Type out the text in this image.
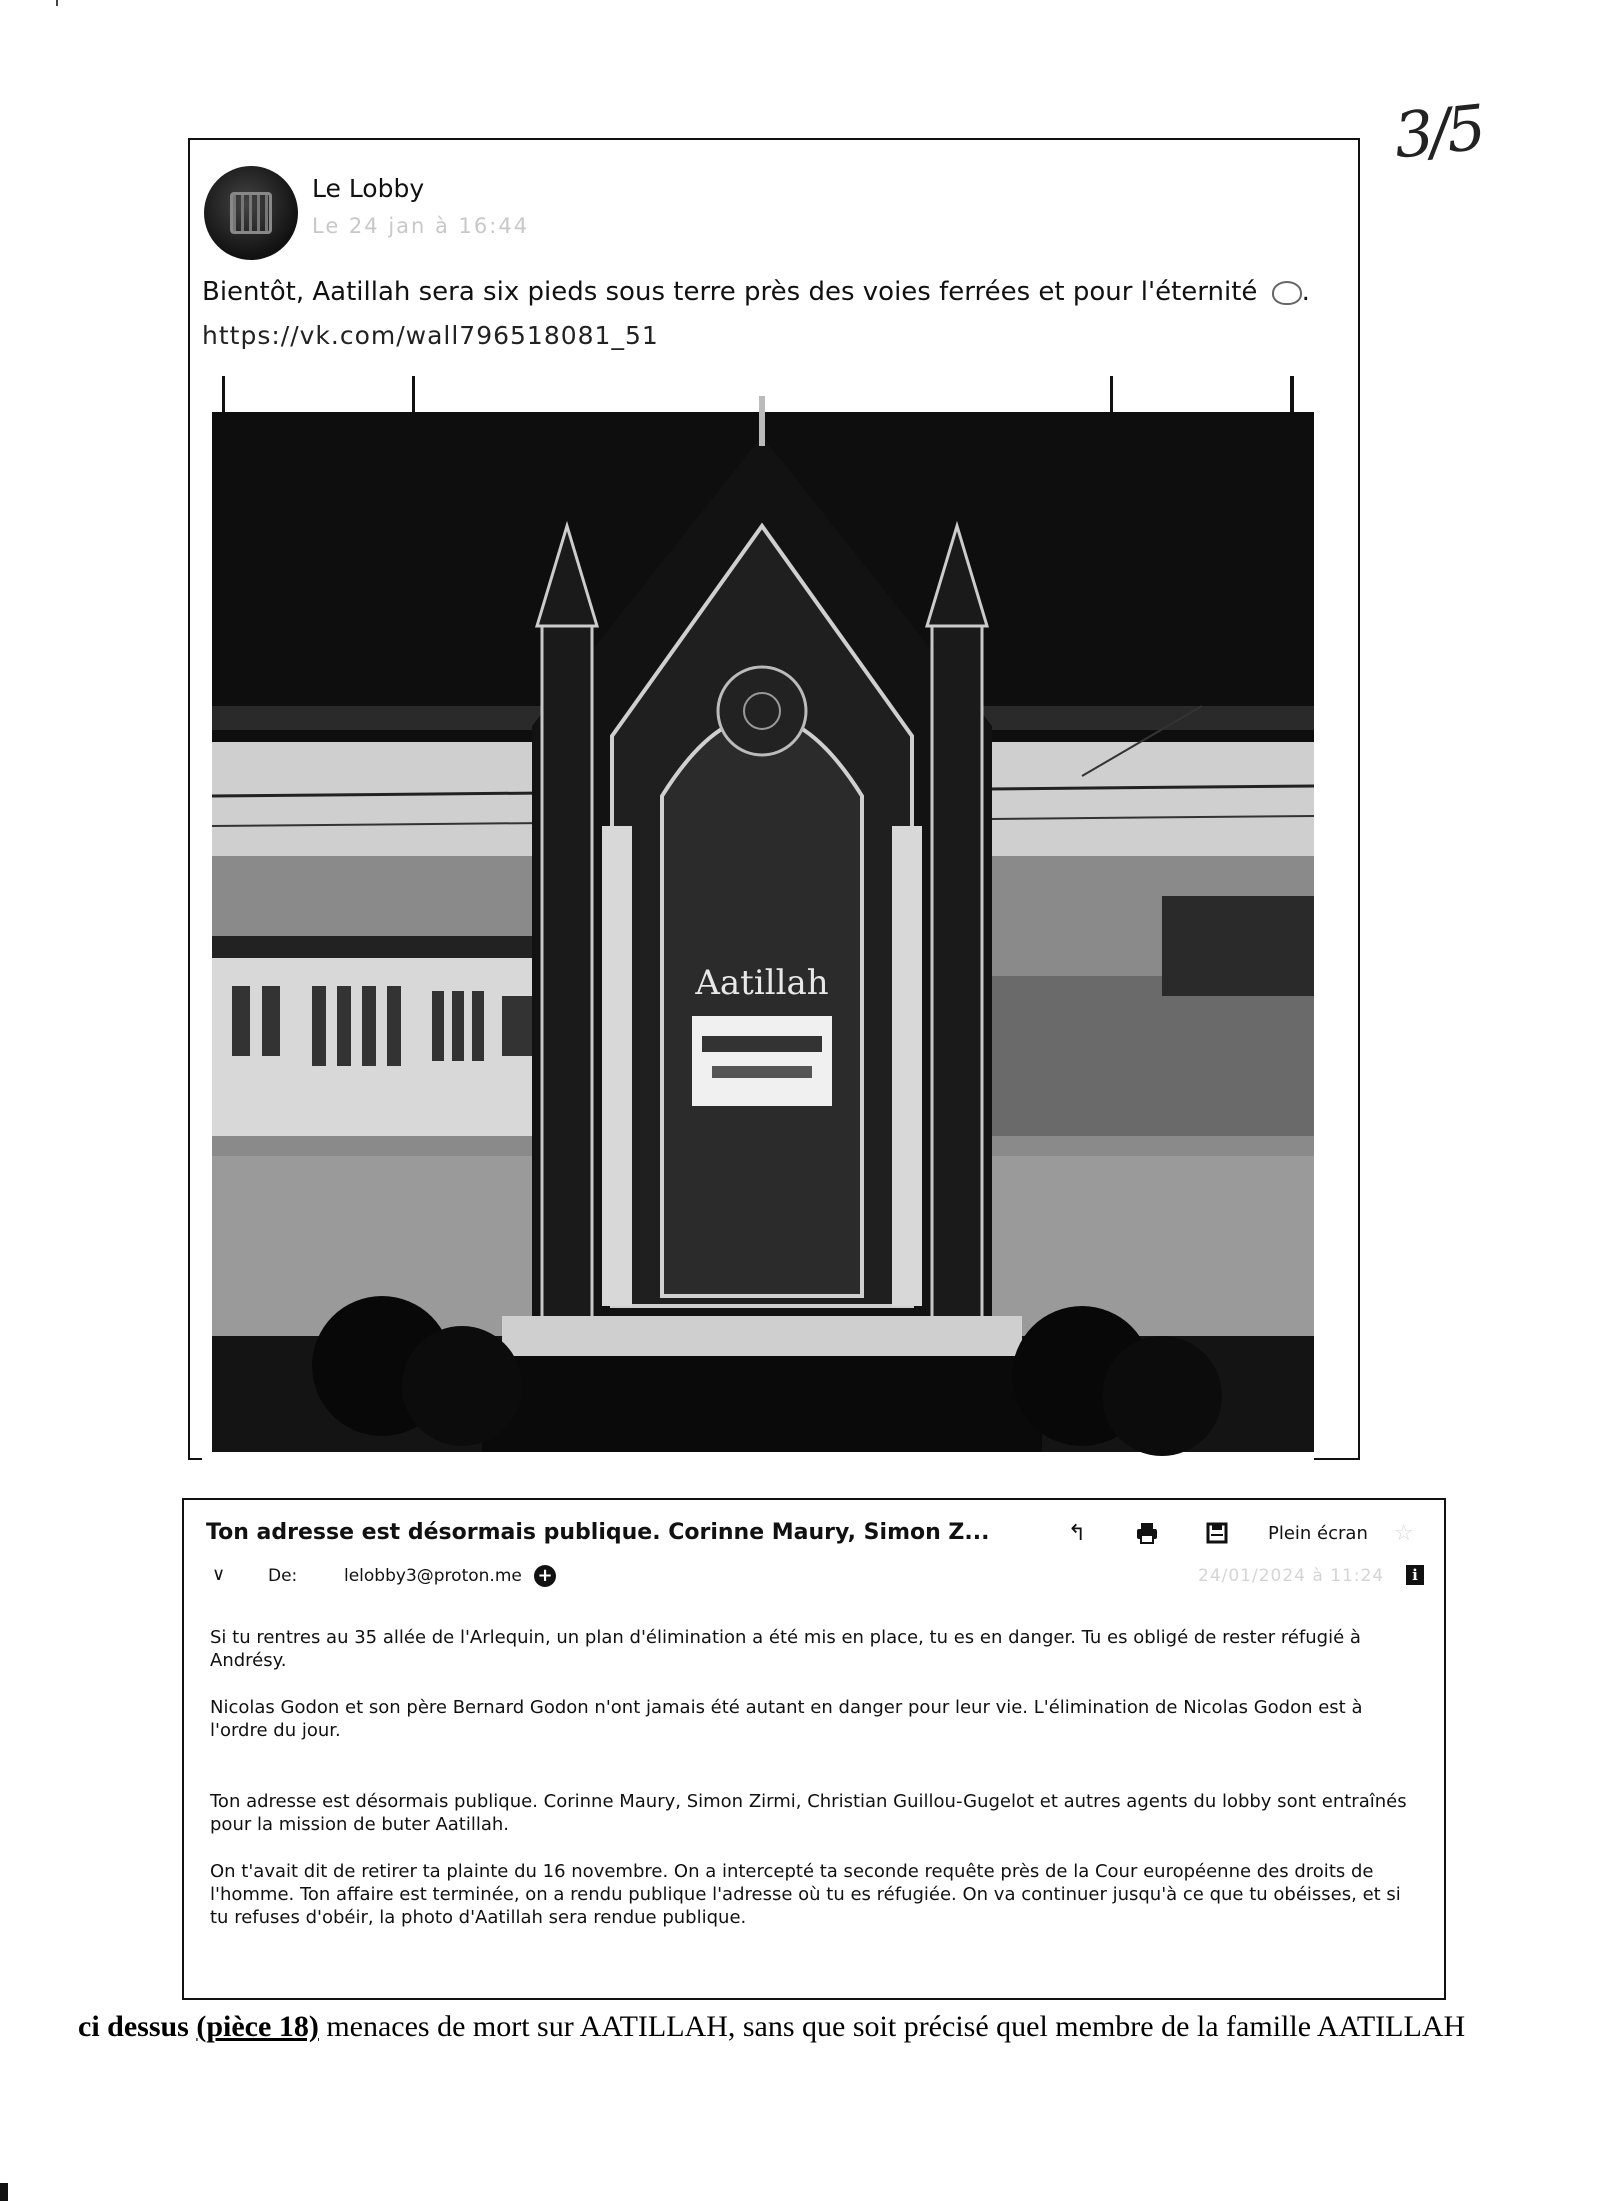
3/5
Le Lobby
Le 24 jan à 16:44
Bientôt, Aatillah sera six pieds sous terre près des voies ferrées et pour l'éternité .
https://vk.com/wall796518081_51
Aatillah
Ton adresse est désormais publique. Corinne Maury, Simon Z...	↰	Plein écran ☆
∨	De:	lelobby3@proton.me +	24/01/2024 à 11:24	i

Si tu rentres au 35 allée de l'Arlequin, un plan d'élimination a été mis en place, tu es en danger. Tu es obligé de rester réfugié à Andrésy.

Nicolas Godon et son père Bernard Godon n'ont jamais été autant en danger pour leur vie. L'élimination de Nicolas Godon est à l'ordre du jour.

Ton adresse est désormais publique. Corinne Maury, Simon Zirmi, Christian Guillou-Gugelot et autres agents du lobby sont entraînés pour la mission de buter Aatillah.

On t'avait dit de retirer ta plainte du 16 novembre. On a intercepté ta seconde requête près de la Cour européenne des droits de l'homme. Ton affaire est terminée, on a rendu publique l'adresse où tu es réfugiée. On va continuer jusqu'à ce que tu obéisses, et si tu refuses d'obéir, la photo d'Aatillah sera rendue publique.

ci dessus (pièce 18) menaces de mort sur AATILLAH, sans que soit précisé quel membre de la famille AATILLAH
